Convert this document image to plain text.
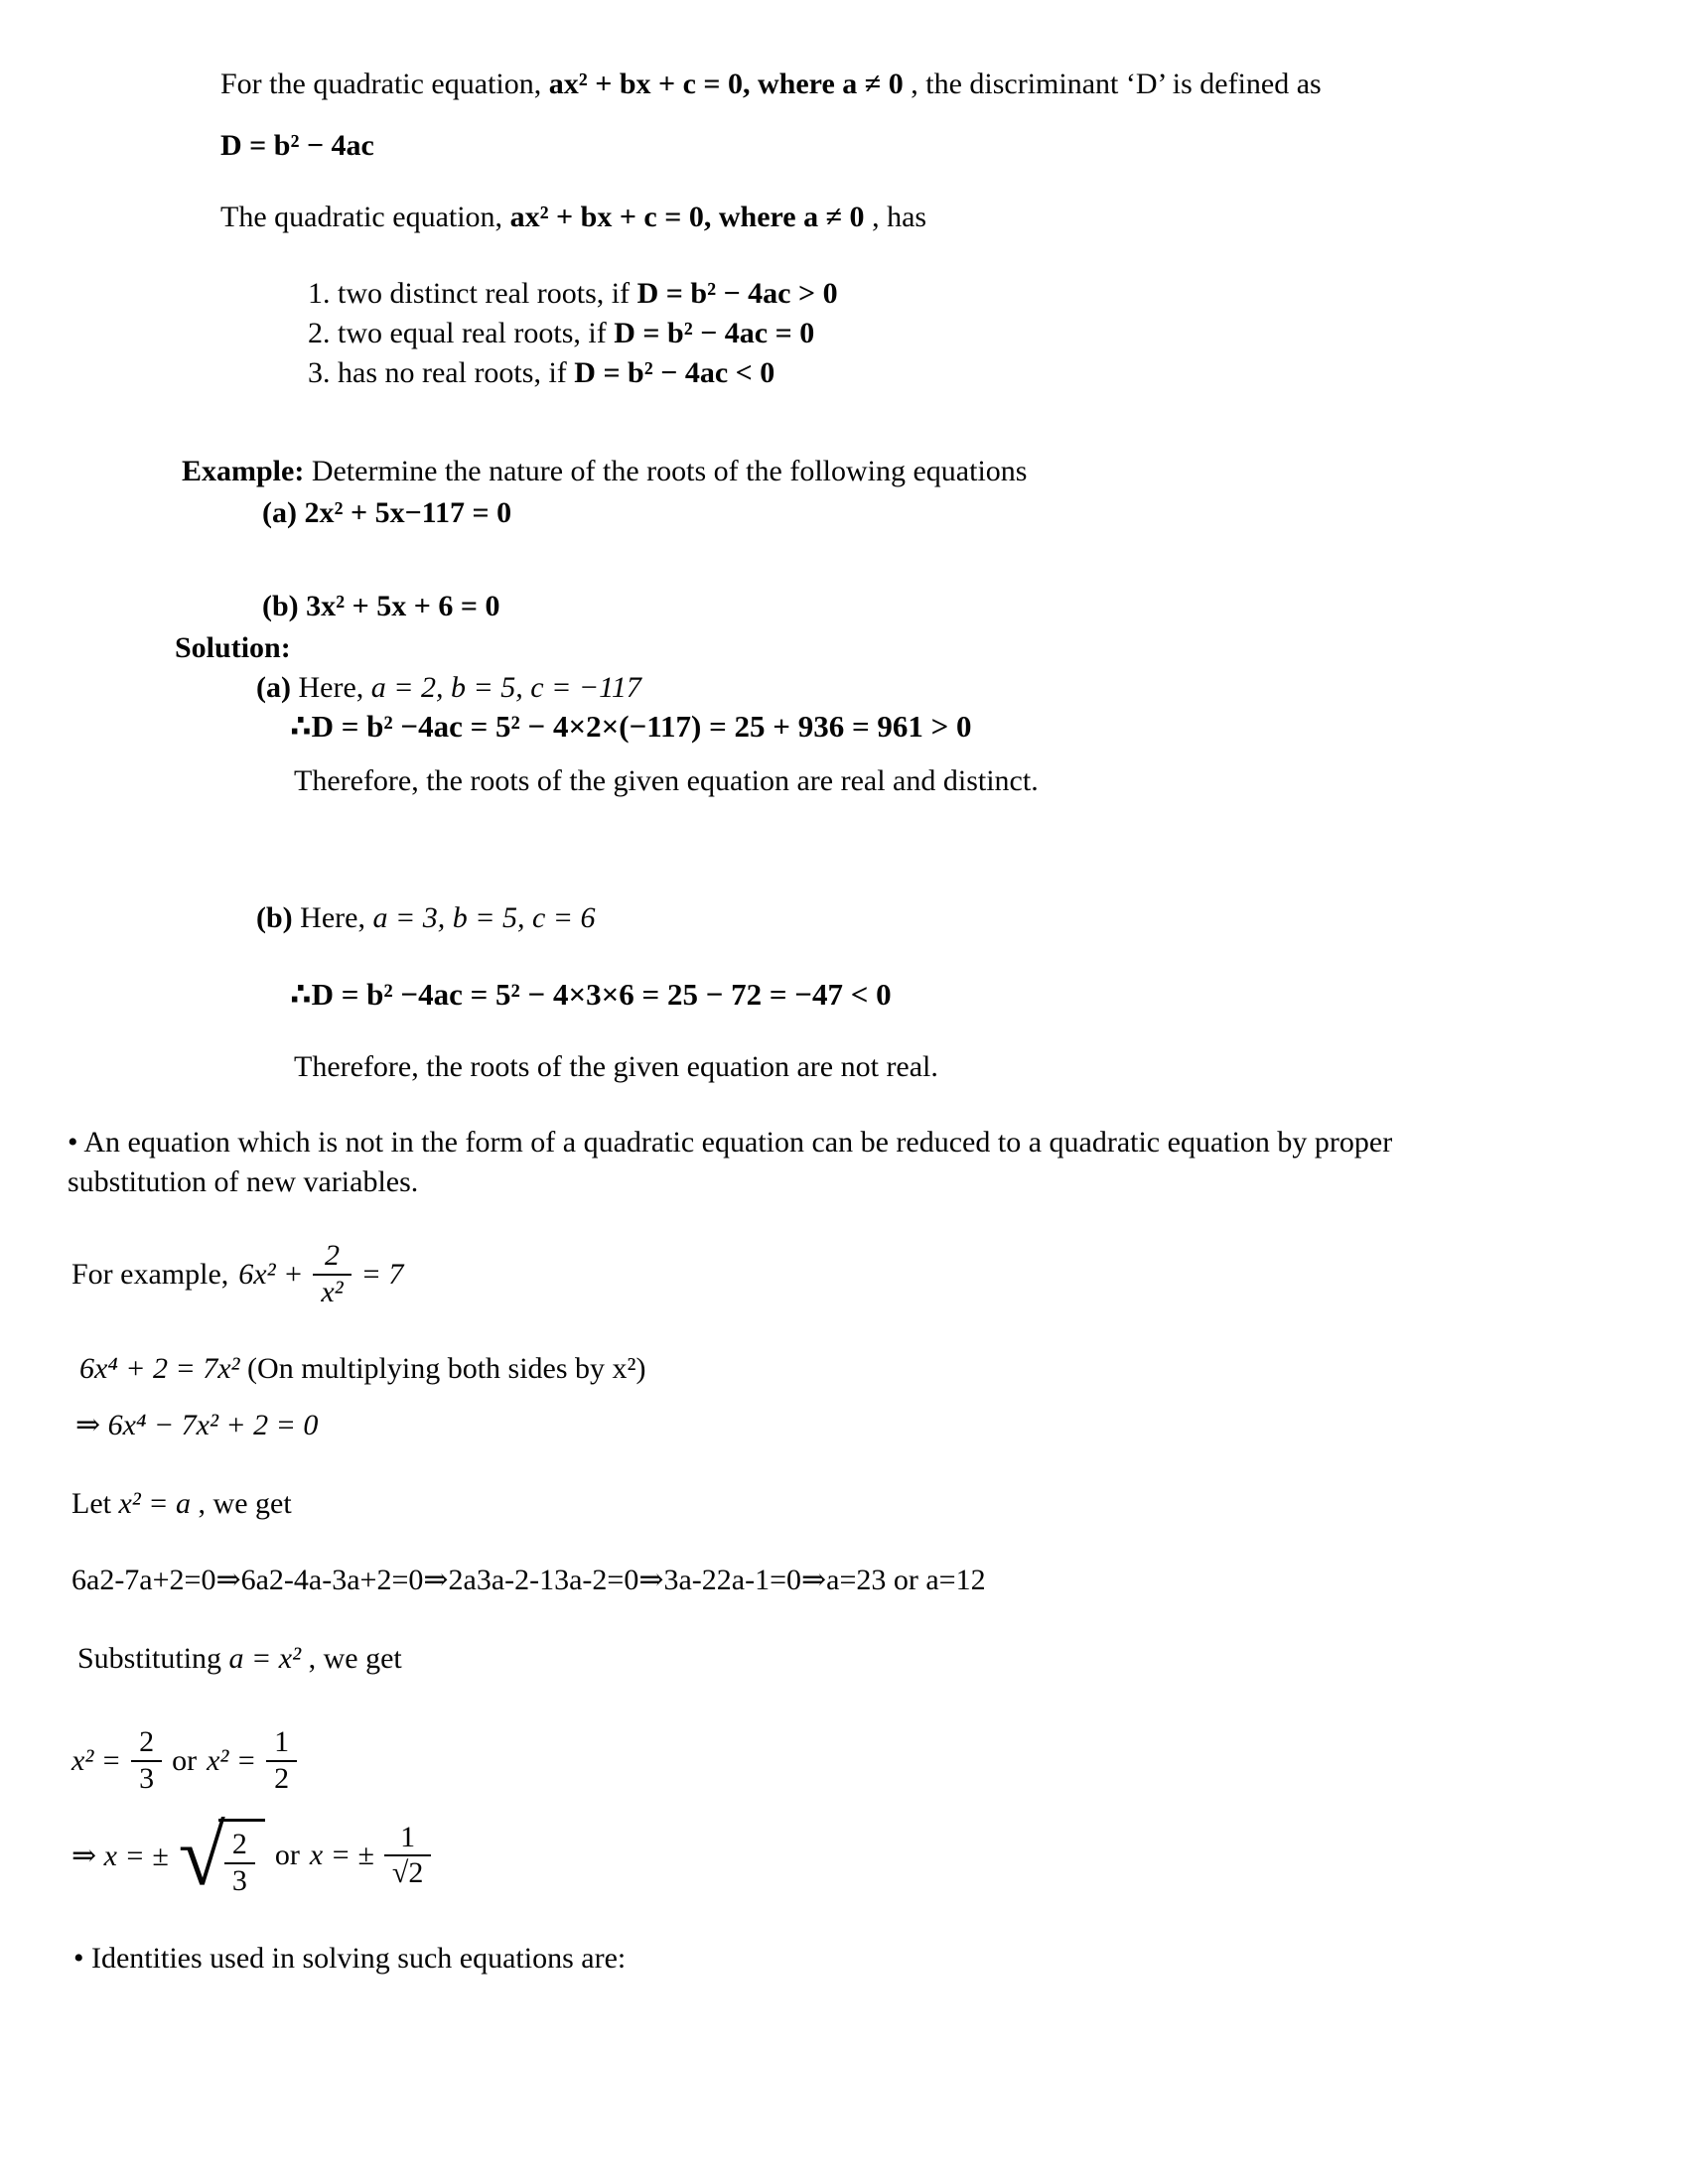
For the quadratic equation, ax² + bx + c = 0, where a ≠ 0 , the discriminant ‘D’ is defined as

D = b² − 4ac

The quadratic equation, ax² + bx + c = 0, where a ≠ 0 , has

1. two distinct real roots, if D = b² − 4ac > 0

2. two equal real roots, if D = b² − 4ac = 0

3. has no real roots, if D = b² − 4ac < 0

Example: Determine the nature of the roots of the following equations

(a) 2x² + 5x−117 = 0

(b) 3x² + 5x + 6 = 0

Solution:

(a) Here, a = 2, b = 5, c = −117

∴D = b² −4ac = 5² − 4×2×(−117) = 25 + 936 = 961 > 0

Therefore, the roots of the given equation are real and distinct.

(b) Here, a = 3, b = 5, c = 6

∴D = b² −4ac = 5² − 4×3×6 = 25 − 72 = −47 < 0

Therefore, the roots of the given equation are not real.

• An equation which is not in the form of a quadratic equation can be reduced to a quadratic equation by proper

substitution of new variables.

For example, $6x^2 + \frac{2}{\text{x²}} = 7$

6x⁴ + 2 = 7x² (On multiplying both sides by x²)

⇒ 6x⁴ − 7x² + 2 = 0

Let x² = a , we get

6a2-7a+2=0⇒6a2-4a-3a+2=0⇒2a3a-2-13a-2=0⇒3a-22a-1=0⇒a=23 or a=12

Substituting a = x² , we get

$x^2 = \frac{2}{3}$ or $x^2 = \frac{1}{2}$
⇒ x = ± √ $\frac{2}{3}$ or x = ± $\frac{1}{√2}$

• Identities used in solving such equations are:
